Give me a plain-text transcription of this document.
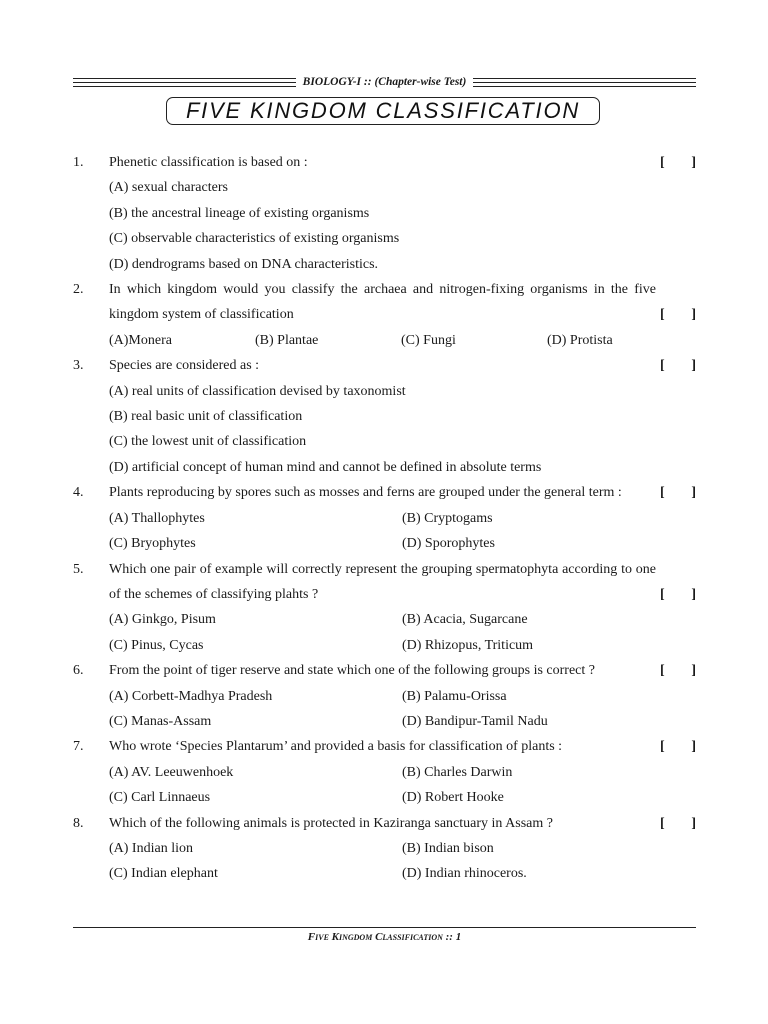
BIOLOGY-I :: (Chapter-wise Test)
FIVE KINGDOM CLASSIFICATION
1.	Phenetic classification is based on :	[ ]
(A) sexual characters
(B) the ancestral lineage of existing organisms
(C) observable characteristics of existing organisms
(D) dendrograms based on DNA characteristics.
2.	In which kingdom would you classify the archaea and nitrogen-fixing organisms in the five kingdom system of classification	[ ]
(A)Monera	(B) Plantae	(C) Fungi	(D) Protista
3.	Species are considered as :	[ ]
(A) real units of classification devised by taxonomist
(B) real basic unit of classification
(C) the lowest unit of classification
(D) artificial concept of human mind and cannot be defined in absolute terms
4.	Plants reproducing by spores such as mosses and ferns are grouped under the general term :	[ ]
(A) Thallophytes	(B) Cryptogams
(C) Bryophytes	(D) Sporophytes
5.	Which one pair of example will correctly represent the grouping spermatophyta according to one of the schemes of classifying plahts ?	[ ]
(A) Ginkgo, Pisum	(B) Acacia, Sugarcane
(C) Pinus, Cycas	(D) Rhizopus, Triticum
6.	From the point of tiger reserve and state which one of the following groups is correct ?	[ ]
(A) Corbett-Madhya Pradesh	(B) Palamu-Orissa
(C) Manas-Assam	(D) Bandipur-Tamil Nadu
7.	Who wrote ‘Species Plantarum’ and provided a basis for classification of plants :	[ ]
(A) AV. Leeuwenhoek	(B) Charles Darwin
(C) Carl Linnaeus	(D) Robert Hooke
8.	Which of the following animals is protected in Kaziranga sanctuary in Assam ?	[ ]
(A) Indian lion	(B) Indian bison
(C) Indian elephant	(D) Indian rhinoceros.
Five Kingdom Classification :: 1
